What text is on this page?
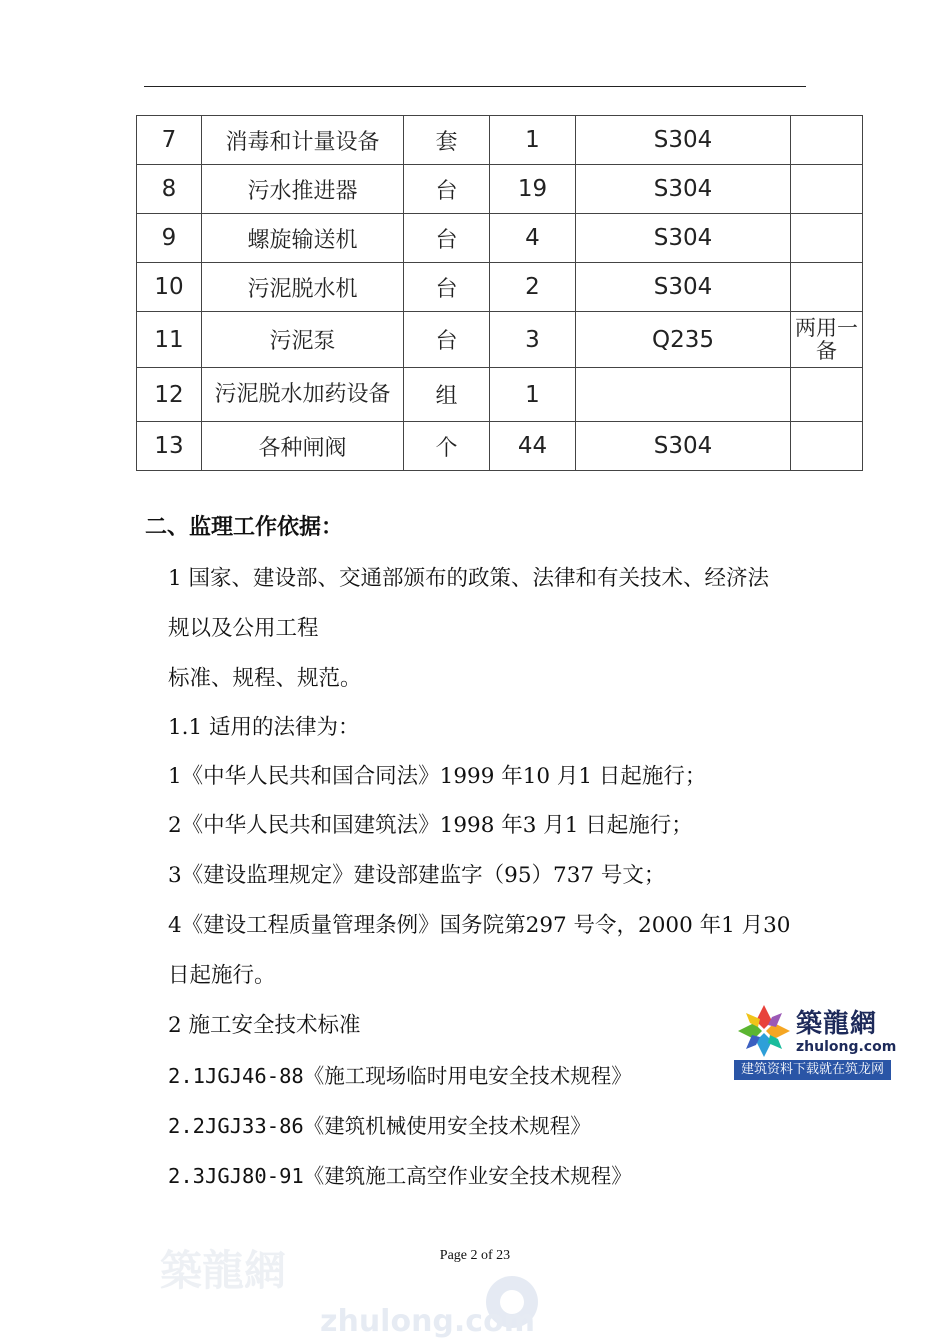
7	消毒和计量设备	套	1	S304	
8	污水推进器	台	19	S304	
9	螺旋输送机	台	4	S304	
10	污泥脱水机	台	2	S304	
11	污泥泵	台	3	Q235	两用一备
12	污泥脱水加药设备	组	1		
13	各种闸阀	个	44	S304	
二、监理工作依据：
1 国家、建设部、交通部颁布的政策、法律和有关技术、经济法
规以及公用工程
标准、规程、规范。
1.1 适用的法律为：
1《中华人民共和国合同法》1999 年10 月1 日起施行；
2《中华人民共和国建筑法》1998 年3 月1 日起施行；
3《建设监理规定》建设部建监字（95）737 号文；
4《建设工程质量管理条例》国务院第297 号令，2000 年1 月30
日起施行。
2 施工安全技术标准
2.1JGJ46-88《施工现场临时用电安全技术规程》
2.2JGJ33-86《建筑机械使用安全技术规程》
2.3JGJ80-91《建筑施工高空作业安全技术规程》
築龍網
zhulong.com
建筑资料下载就在筑龙网
築龍網
zhulong.com
Page 2 of 23
